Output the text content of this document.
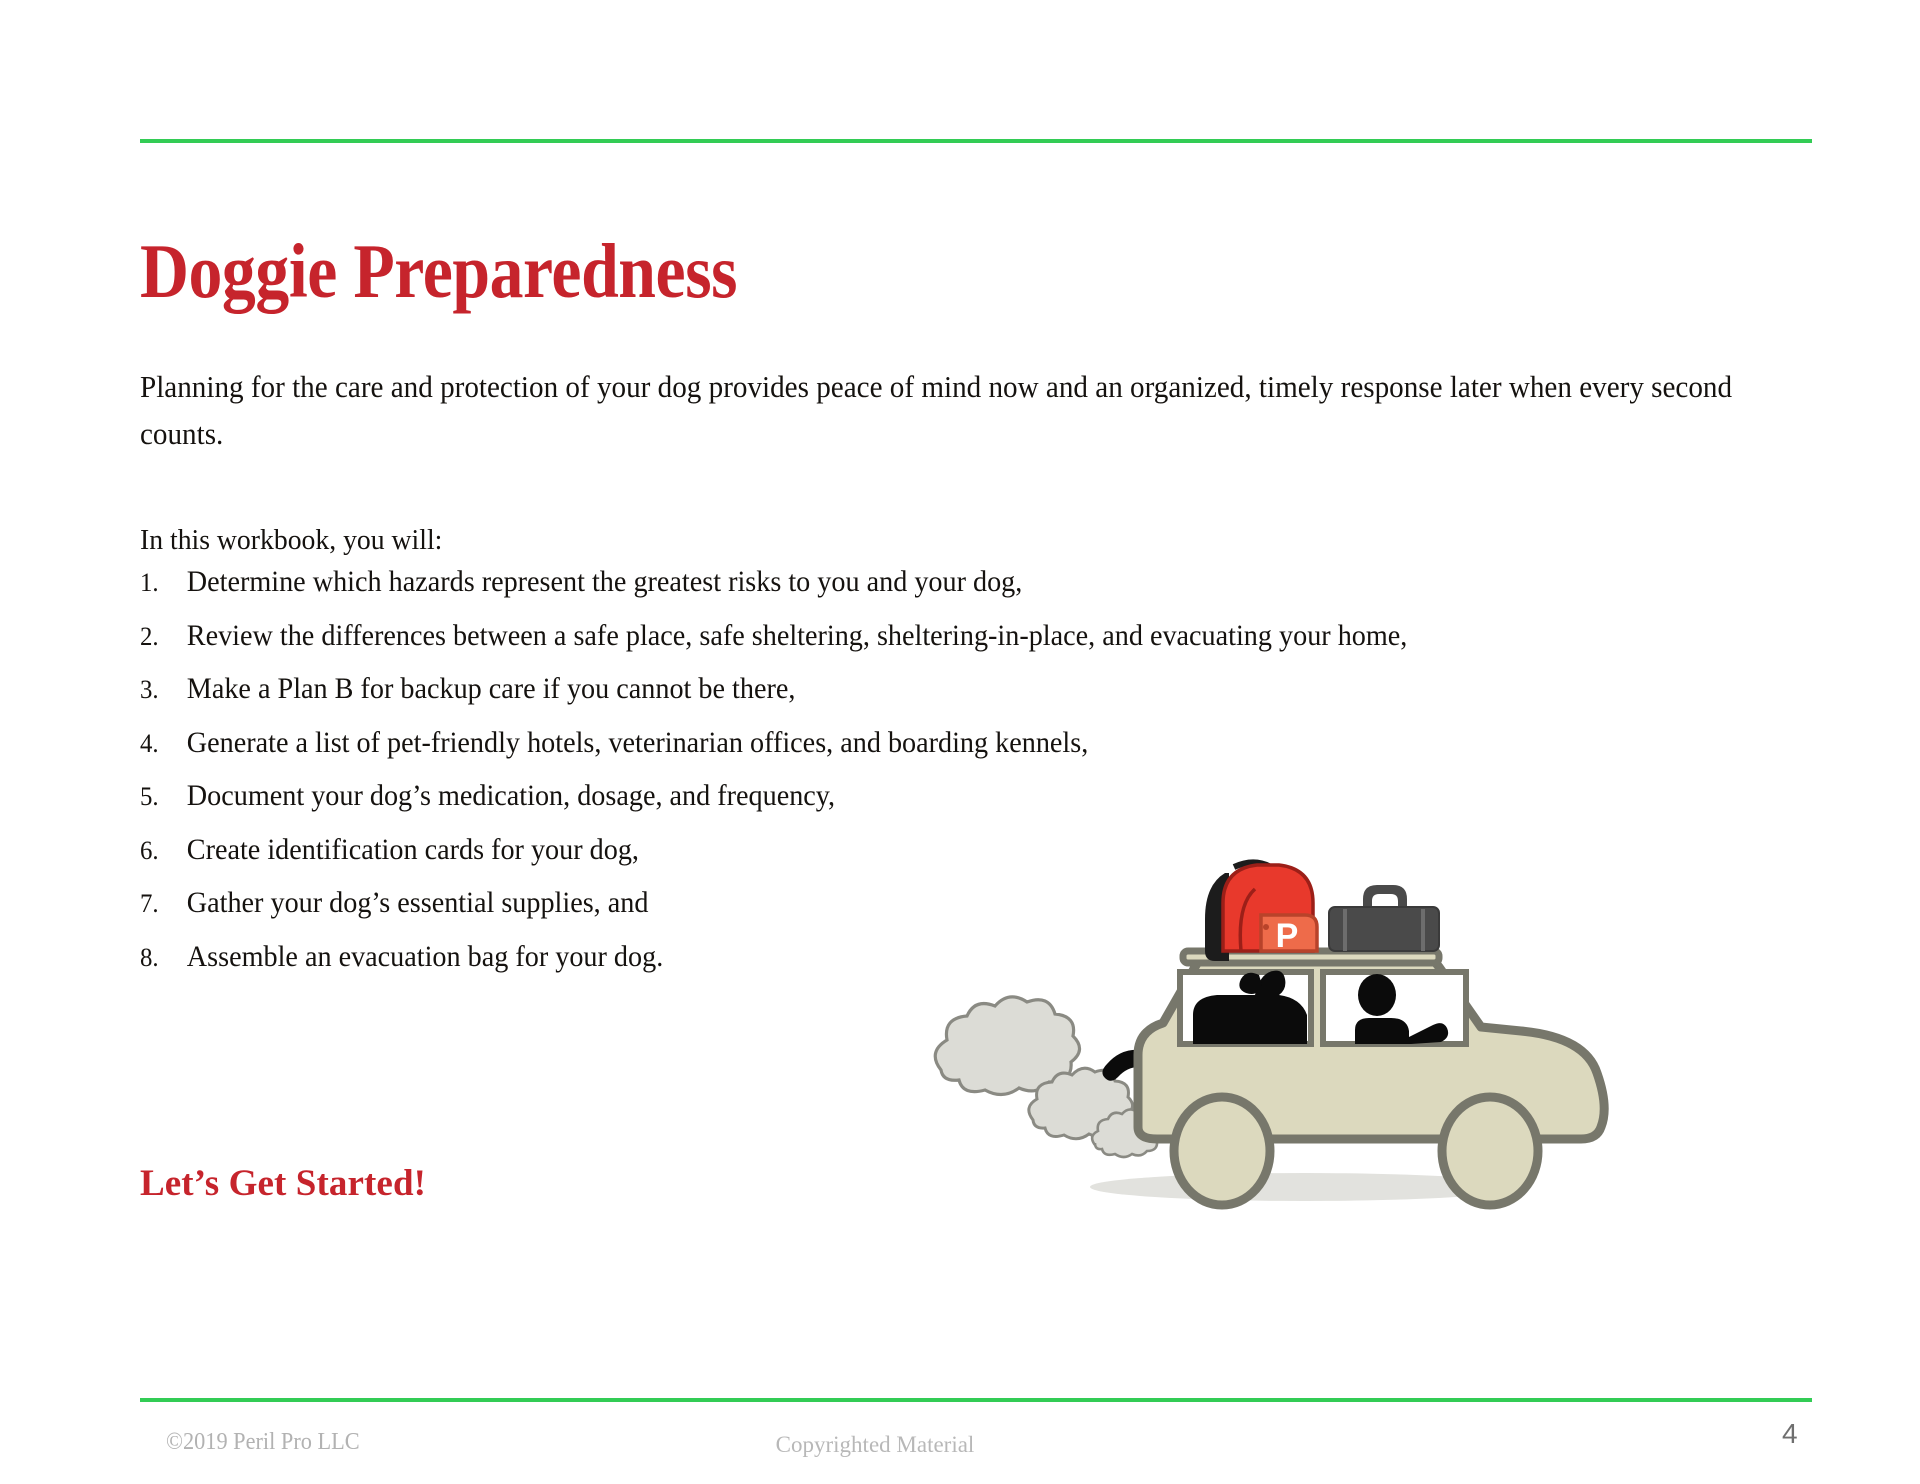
Doggie Preparedness

Planning for the care and protection of your dog provides peace of mind now and an organized, timely response later when every second counts.

In this workbook, you will:

1. Determine which hazards represent the greatest risks to you and your dog,
2. Review the differences between a safe place, safe sheltering, sheltering-in-place, and evacuating your home,
3. Make a Plan B for backup care if you cannot be there,
4. Generate a list of pet-friendly hotels, veterinarian offices, and boarding kennels,
5. Document your dog’s medication, dosage, and frequency,
6. Create identification cards for your dog,
7. Gather your dog’s essential supplies, and
8. Assemble an evacuation bag for your dog.

Let’s Get Started!

P
©2019 Peril Pro LLC	Copyrighted Material	4
